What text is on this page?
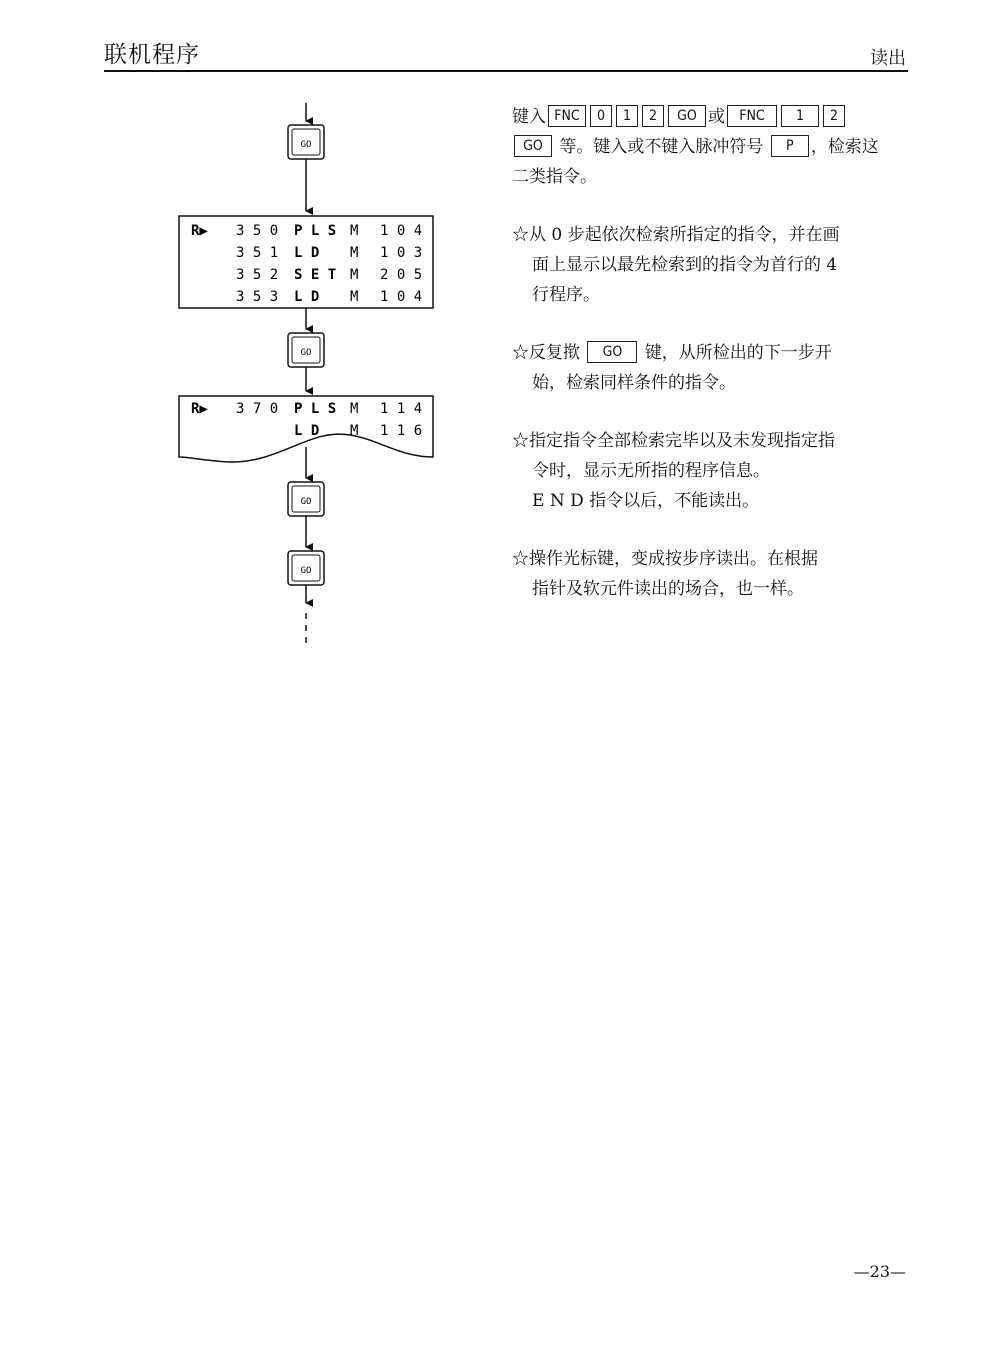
联机程序	读出
GO
R▶ 3 5 0 P L S M 1 0 4
3 5 1 L D M 1 0 3
3 5 2 S E T M 2 0 5
3 5 3 L D M 1 0 4
GO
R▶ 3 7 0 P L S M 1 1 4
L D M 1 1 6
GO
GO

键入 FNC 0 1 2 GO 或 FNC 1 2

GO 等。键入或不键入脉冲符号 P ，检索这

二类指令。

☆从 0 步起依次检索所指定的指令，并在画

面上显示以最先检索到的指令为首行的 4

行程序。

☆反复揿 GO 键，从所检出的下一步开

始，检索同样条件的指令。

☆指定指令全部检索完毕以及未发现指定指

令时，显示无所指的程序信息。

E N D 指令以后，不能读出。

☆操作光标键，变成按步序读出。在根据

指针及软元件读出的场合，也一样。

—23—
